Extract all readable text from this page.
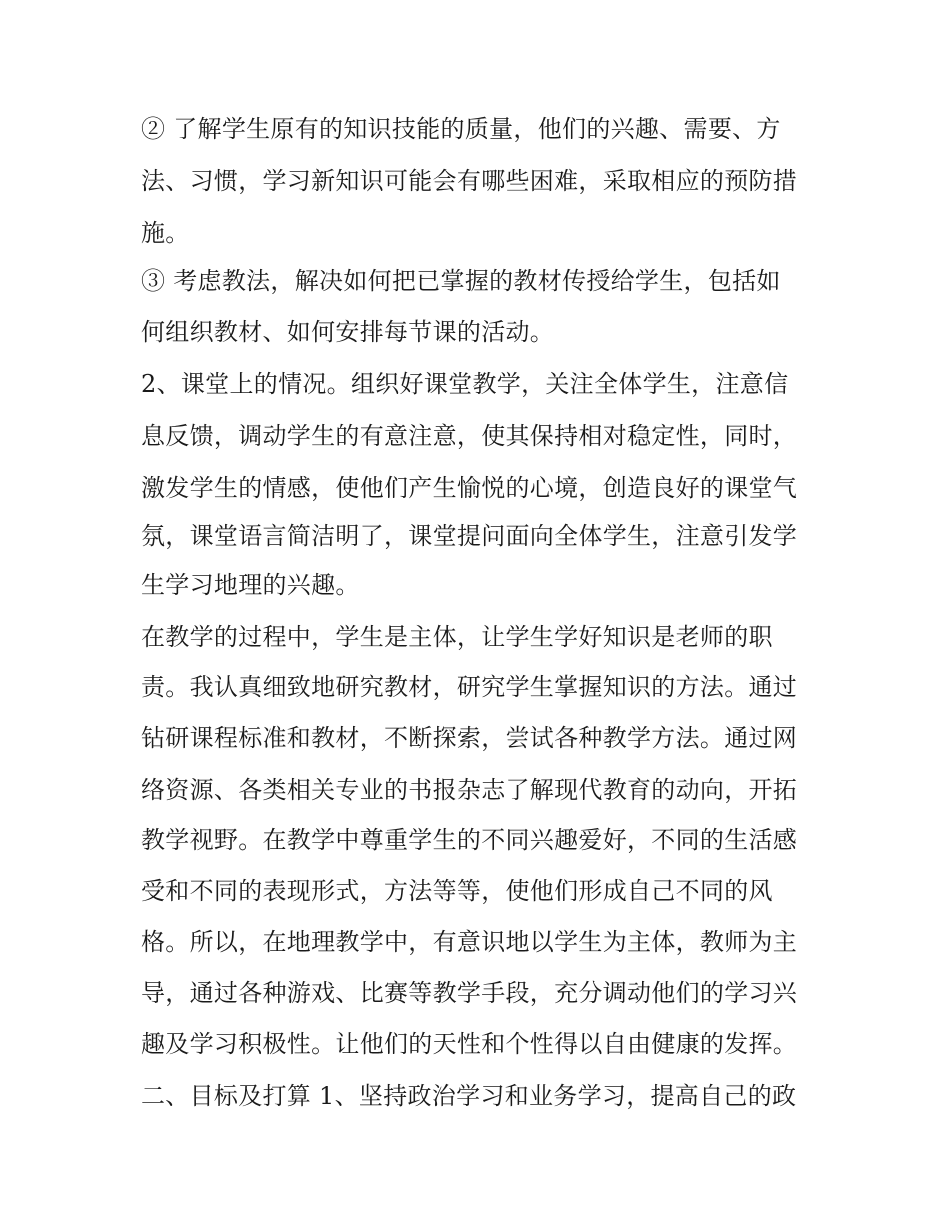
② 了解学生原有的知识技能的质量，他们的兴趣、需要、方
法、习惯，学习新知识可能会有哪些困难，采取相应的预防措
施。
③ 考虑教法，解决如何把已掌握的教材传授给学生，包括如
何组织教材、如何安排每节课的活动。
2、课堂上的情况。组织好课堂教学，关注全体学生，注意信
息反馈，调动学生的有意注意，使其保持相对稳定性，同时，
激发学生的情感，使他们产生愉悦的心境，创造良好的课堂气
氛，课堂语言简洁明了，课堂提问面向全体学生，注意引发学
生学习地理的兴趣。
在教学的过程中，学生是主体，让学生学好知识是老师的职
责。我认真细致地研究教材，研究学生掌握知识的方法。通过
钻研课程标准和教材，不断探索，尝试各种教学方法。通过网
络资源、各类相关专业的书报杂志了解现代教育的动向，开拓
教学视野。在教学中尊重学生的不同兴趣爱好，不同的生活感
受和不同的表现形式，方法等等，使他们形成自己不同的风
格。所以，在地理教学中，有意识地以学生为主体，教师为主
导，通过各种游戏、比赛等教学手段，充分调动他们的学习兴
趣及学习积极性。让他们的天性和个性得以自由健康的发挥。
二、目标及打算 1、坚持政治学习和业务学习，提高自己的政
